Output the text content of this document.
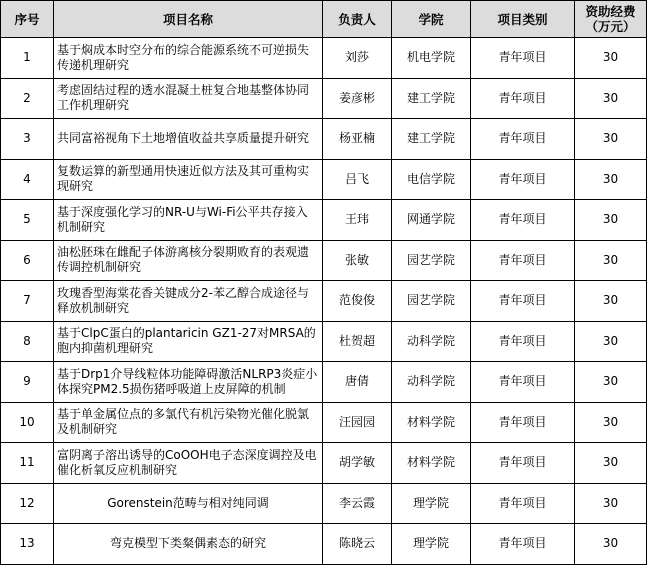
序号	项目名称	负责人	学院	项目类别	资助经费（万元）
1	基于焖成本时空分布的综合能源系统不可逆损失传递机理研究	刘莎	机电学院	青年项目	30
2	考虑固结过程的透水混凝土桩复合地基整体协同工作机理研究	姜彦彬	建工学院	青年项目	30
3	共同富裕视角下土地增值收益共享质量提升研究	杨亚楠	建工学院	青年项目	30
4	复数运算的新型通用快速近似方法及其可重构实现研究	吕飞	电信学院	青年项目	30
5	基于深度强化学习的NR-U与Wi-Fi公平共存接入机制研究	王玮	网通学院	青年项目	30
6	油松胚珠在雌配子体游离核分裂期败育的表观遗传调控机制研究	张敏	园艺学院	青年项目	30
7	玫瑰香型海棠花香关键成分2-苯乙醇合成途径与释放机制研究	范俊俊	园艺学院	青年项目	30
8	基于ClpC蛋白的plantaricin GZ1-27对MRSA的胞内抑菌机理研究	杜贺超	动科学院	青年项目	30
9	基于Drp1介导线粒体功能障碍激活NLRP3炎症小体探究PM2.5损伤猪呼吸道上皮屏障的机制	唐倩	动科学院	青年项目	30
10	基于单金属位点的多氯代有机污染物光催化脱氯及机制研究	汪园园	材料学院	青年项目	30
11	富阴离子溶出诱导的CoOOH电子态深度调控及电催化析氧反应机制研究	胡学敏	材料学院	青年项目	30
12	Gorenstein范畴与相对纯同调	李云霞	理学院	青年项目	30
13	弯克模型下类粲偶素态的研究	陈晓云	理学院	青年项目	30
